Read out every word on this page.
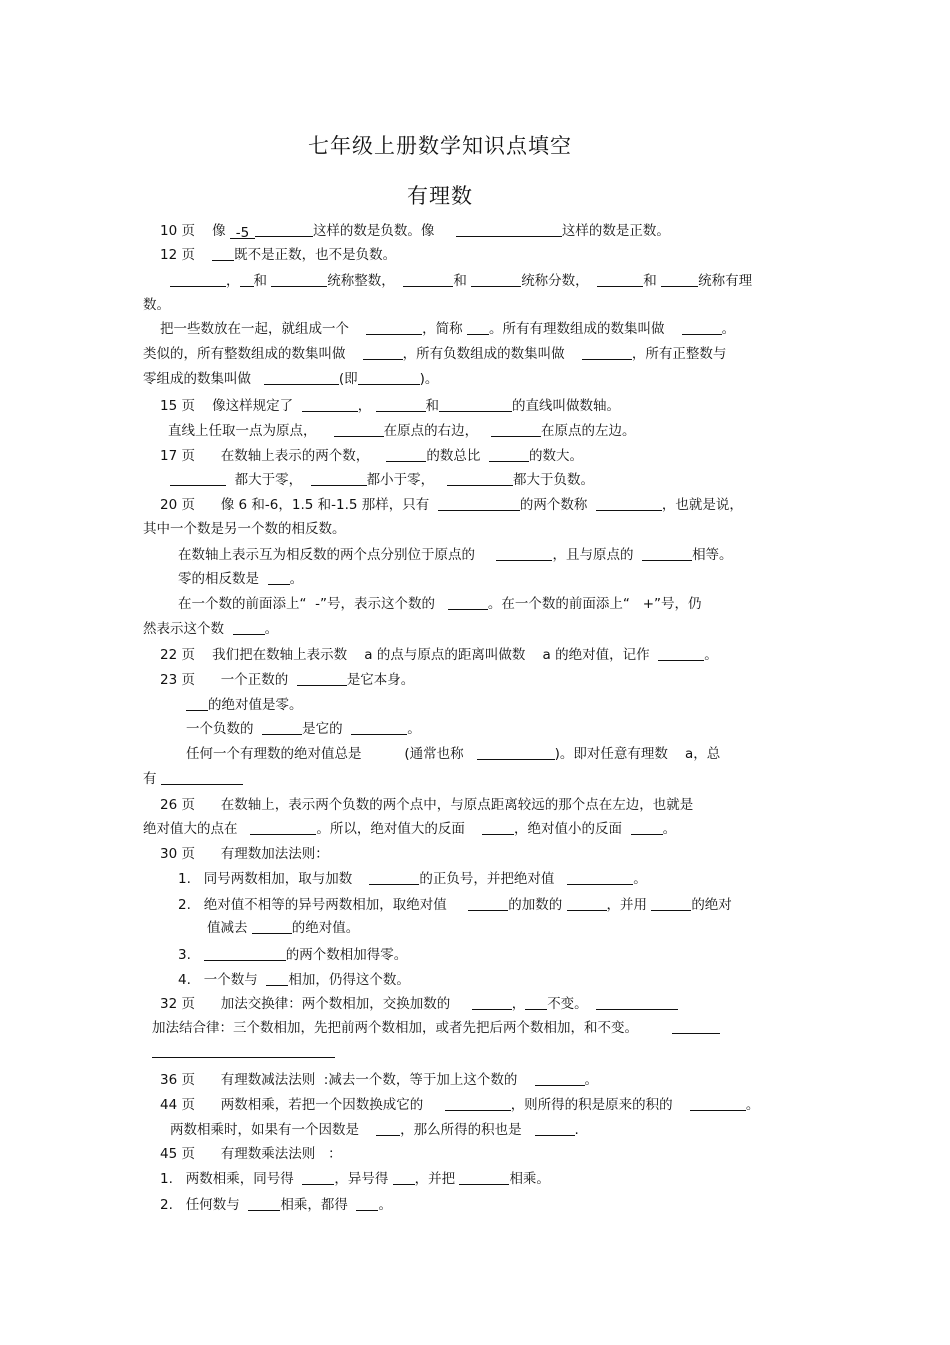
七年级上册数学知识点填空
有理数
10 页    像 -5	这样的数是负数。像	这样的数是正数。
12 页    既不是正数，也不是负数。
， 和	统称整数，	和	统称分数，	和	统称有理
数。
把一些数放在一起，就组成一个	，简称 。所有有理数组成的数集叫做	。
类似的，所有整数组成的数集叫做	，所有负数组成的数集叫做	，所有正整数与
零组成的数集叫做	(即	)。
15 页    像这样规定了	，	和	的直线叫做数轴。
直线上任取一点为原点，	在原点的右边，	在原点的左边。
17 页      在数轴上表示的两个数，	的数总比	的数大。
都大于零，	都小于零，	都大于负数。
20 页      像 6 和-6，1.5 和-1.5 那样，只有	的两个数称	，也就是说，
其中一个数是另一个数的相反数。
在数轴上表示互为相反数的两个点分别位于原点的	，且与原点的	相等。
零的相反数是  。
在一个数的前面添上“  -”号，表示这个数的	。在一个数的前面添上“   +”号，仍
然表示这个数  。
22 页    我们把在数轴上表示数    a 的点与原点的距离叫做数    a 的绝对值，记作	。
23 页      一个正数的	是它本身。
的绝对值是零。
一个负数的	是它的	。
任何一个有理数的绝对值总是          (通常也称	)。即对任意有理数    a，总
有
26 页      在数轴上，表示两个负数的两个点中，与原点距离较远的那个点在左边，也就是
绝对值大的点在	。所以，绝对值大的反面    ，绝对值小的反面  。
30 页      有理数加法法则：
1.   同号两数相加，取与加数	的正负号，并把绝对值	。
2.   绝对值不相等的异号两数相加，取绝对值	的加数的	，并用	的绝对
值减去	的绝对值。
3.	的两个数相加得零。
4.   一个数与  相加，仍得这个数。
32 页      加法交换律：两个数相加，交换加数的	， 不变。
加法结合律：三个数相加，先把前两个数相加，或者先把后两个数相加，和不变。
36 页      有理数减法法则  :减去一个数，等于加上这个数的	。
44 页      两数相乘，若把一个因数换成它的	，则所得的积是原来的积的	。
两数相乘时，如果有一个因数是    ，那么所得的积也是	.
45 页      有理数乘法法则   ：
1.   两数相乘，同号得  ，异号得 ，并把	相乘。
2.   任何数与  相乘，都得  。
